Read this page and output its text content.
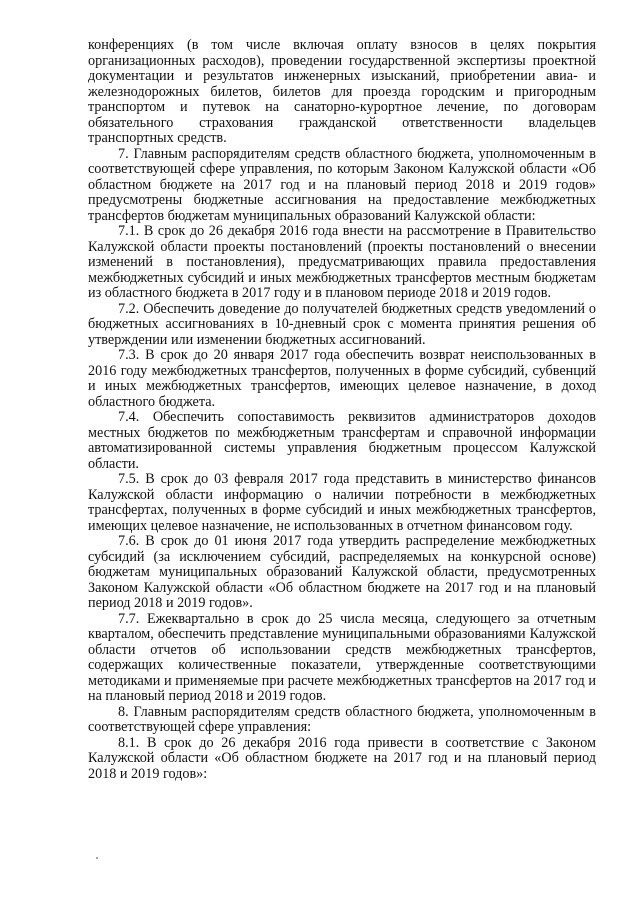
конференциях (в том числе включая оплату взносов в целях покрытия организационных расходов), проведении государственной экспертизы проектной документации и результатов инженерных изысканий, приобретении авиа- и железнодорожных билетов, билетов для проезда городским и пригородным транспортом и путевок на санаторно-курортное лечение, по договорам обязательного страхования гражданской ответственности владельцев транспортных средств.

7. Главным распорядителям средств областного бюджета, уполномоченным в соответствующей сфере управления, по которым Законом Калужской области «Об областном бюджете на 2017 год и на плановый период 2018 и 2019 годов» предусмотрены бюджетные ассигнования на предоставление межбюджетных трансфертов бюджетам муниципальных образований Калужской области:

7.1. В срок до 26 декабря 2016 года внести на рассмотрение в Правительство Калужской области проекты постановлений (проекты постановлений о внесении изменений в постановления), предусматривающих правила предоставления межбюджетных субсидий и иных межбюджетных трансфертов местным бюджетам из областного бюджета в 2017 году и в плановом периоде 2018 и 2019 годов.

7.2. Обеспечить доведение до получателей бюджетных средств уведомлений о бюджетных ассигнованиях в 10-дневный срок с момента принятия решения об утверждении или изменении бюджетных ассигнований.

7.3. В срок до 20 января 2017 года обеспечить возврат неиспользованных в 2016 году межбюджетных трансфертов, полученных в форме субсидий, субвенций и иных межбюджетных трансфертов, имеющих целевое назначение, в доход областного бюджета.

7.4. Обеспечить сопоставимость реквизитов администраторов доходов местных бюджетов по межбюджетным трансфертам и справочной информации автоматизированной системы управления бюджетным процессом Калужской области.

7.5. В срок до 03 февраля 2017 года представить в министерство финансов Калужской области информацию о наличии потребности в межбюджетных трансфертах, полученных в форме субсидий и иных межбюджетных трансфертов, имеющих целевое назначение, не использованных в отчетном финансовом году.

7.6. В срок до 01 июня 2017 года утвердить распределение межбюджетных субсидий (за исключением субсидий, распределяемых на конкурсной основе) бюджетам муниципальных образований Калужской области, предусмотренных Законом Калужской области «Об областном бюджете на 2017 год и на плановый период 2018 и 2019 годов».

7.7. Ежеквартально в срок до 25 числа месяца, следующего за отчетным кварталом, обеспечить представление муниципальными образованиями Калужской области отчетов об использовании средств межбюджетных трансфертов, содержащих количественные показатели, утвержденные соответствующими методиками и применяемые при расчете межбюджетных трансфертов на 2017 год и на плановый период 2018 и 2019 годов.

8. Главным распорядителям средств областного бюджета, уполномоченным в соответствующей сфере управления:

8.1. В срок до 26 декабря 2016 года привести в соответствие с Законом Калужской области «Об областном бюджете на 2017 год и на плановый период 2018 и 2019 годов»:
